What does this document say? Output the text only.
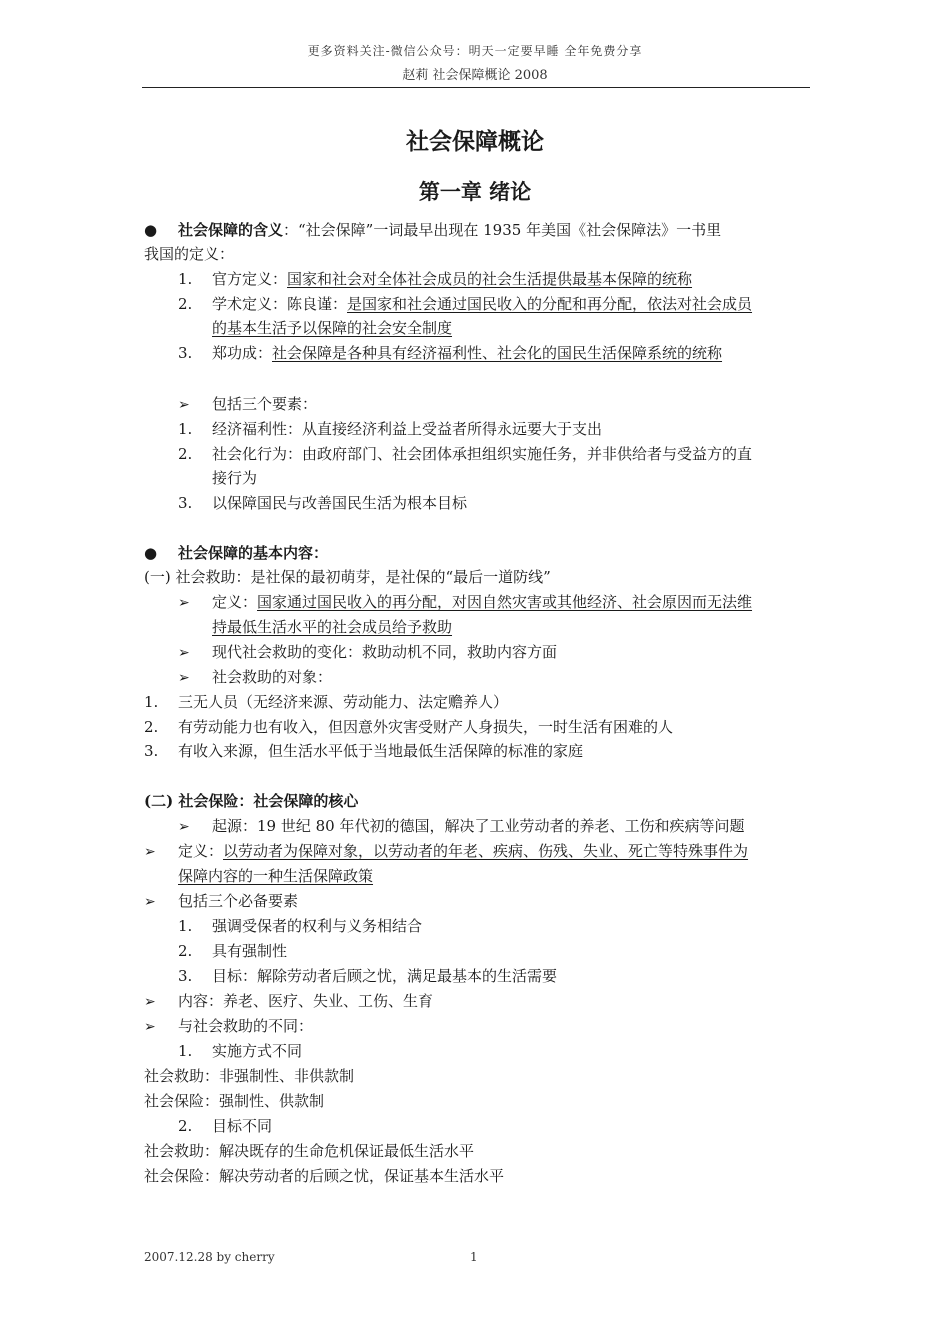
更多资料关注-微信公众号：明天一定要早睡 全年免费分享
赵莉 社会保障概论 2008
社会保障概论
第一章 绪论
● 社会保障的含义：“社会保障”一词最早出现在 1935 年美国《社会保障法》一书里
我国的定义：
1. 官方定义：国家和社会对全体社会成员的社会生活提供最基本保障的统称
2. 学术定义：陈良谨：是国家和社会通过国民收入的分配和再分配，依法对社会成员
的基本生活予以保障的社会安全制度
3. 郑功成：社会保障是各种具有经济福利性、社会化的国民生活保障系统的统称
➢ 包括三个要素：
1. 经济福利性：从直接经济利益上受益者所得永远要大于支出
2. 社会化行为：由政府部门、社会团体承担组织实施任务，并非供给者与受益方的直
接行为
3. 以保障国民与改善国民生活为根本目标
● 社会保障的基本内容：
(一) 社会救助：是社保的最初萌芽，是社保的“最后一道防线”
➢ 定义：国家通过国民收入的再分配，对因自然灾害或其他经济、社会原因而无法维
持最低生活水平的社会成员给予救助
➢ 现代社会救助的变化：救助动机不同，救助内容方面
➢ 社会救助的对象：
1. 三无人员（无经济来源、劳动能力、法定赡养人）
2. 有劳动能力也有收入，但因意外灾害受财产人身损失，一时生活有困难的人
3. 有收入来源，但生活水平低于当地最低生活保障的标准的家庭
(二) 社会保险：社会保障的核心
➢ 起源：19 世纪 80 年代初的德国，解决了工业劳动者的养老、工伤和疾病等问题
➢ 定义：以劳动者为保障对象，以劳动者的年老、疾病、伤残、失业、死亡等特殊事件为
保障内容的一种生活保障政策
➢ 包括三个必备要素
1. 强调受保者的权利与义务相结合
2. 具有强制性
3. 目标：解除劳动者后顾之忧，满足最基本的生活需要
➢ 内容：养老、医疗、失业、工伤、生育
➢ 与社会救助的不同：
1. 实施方式不同
社会救助：非强制性、非供款制
社会保险：强制性、供款制
2. 目标不同
社会救助：解决既存的生命危机保证最低生活水平
社会保险：解决劳动者的后顾之忧，保证基本生活水平
2007.12.28 by cherry	1
